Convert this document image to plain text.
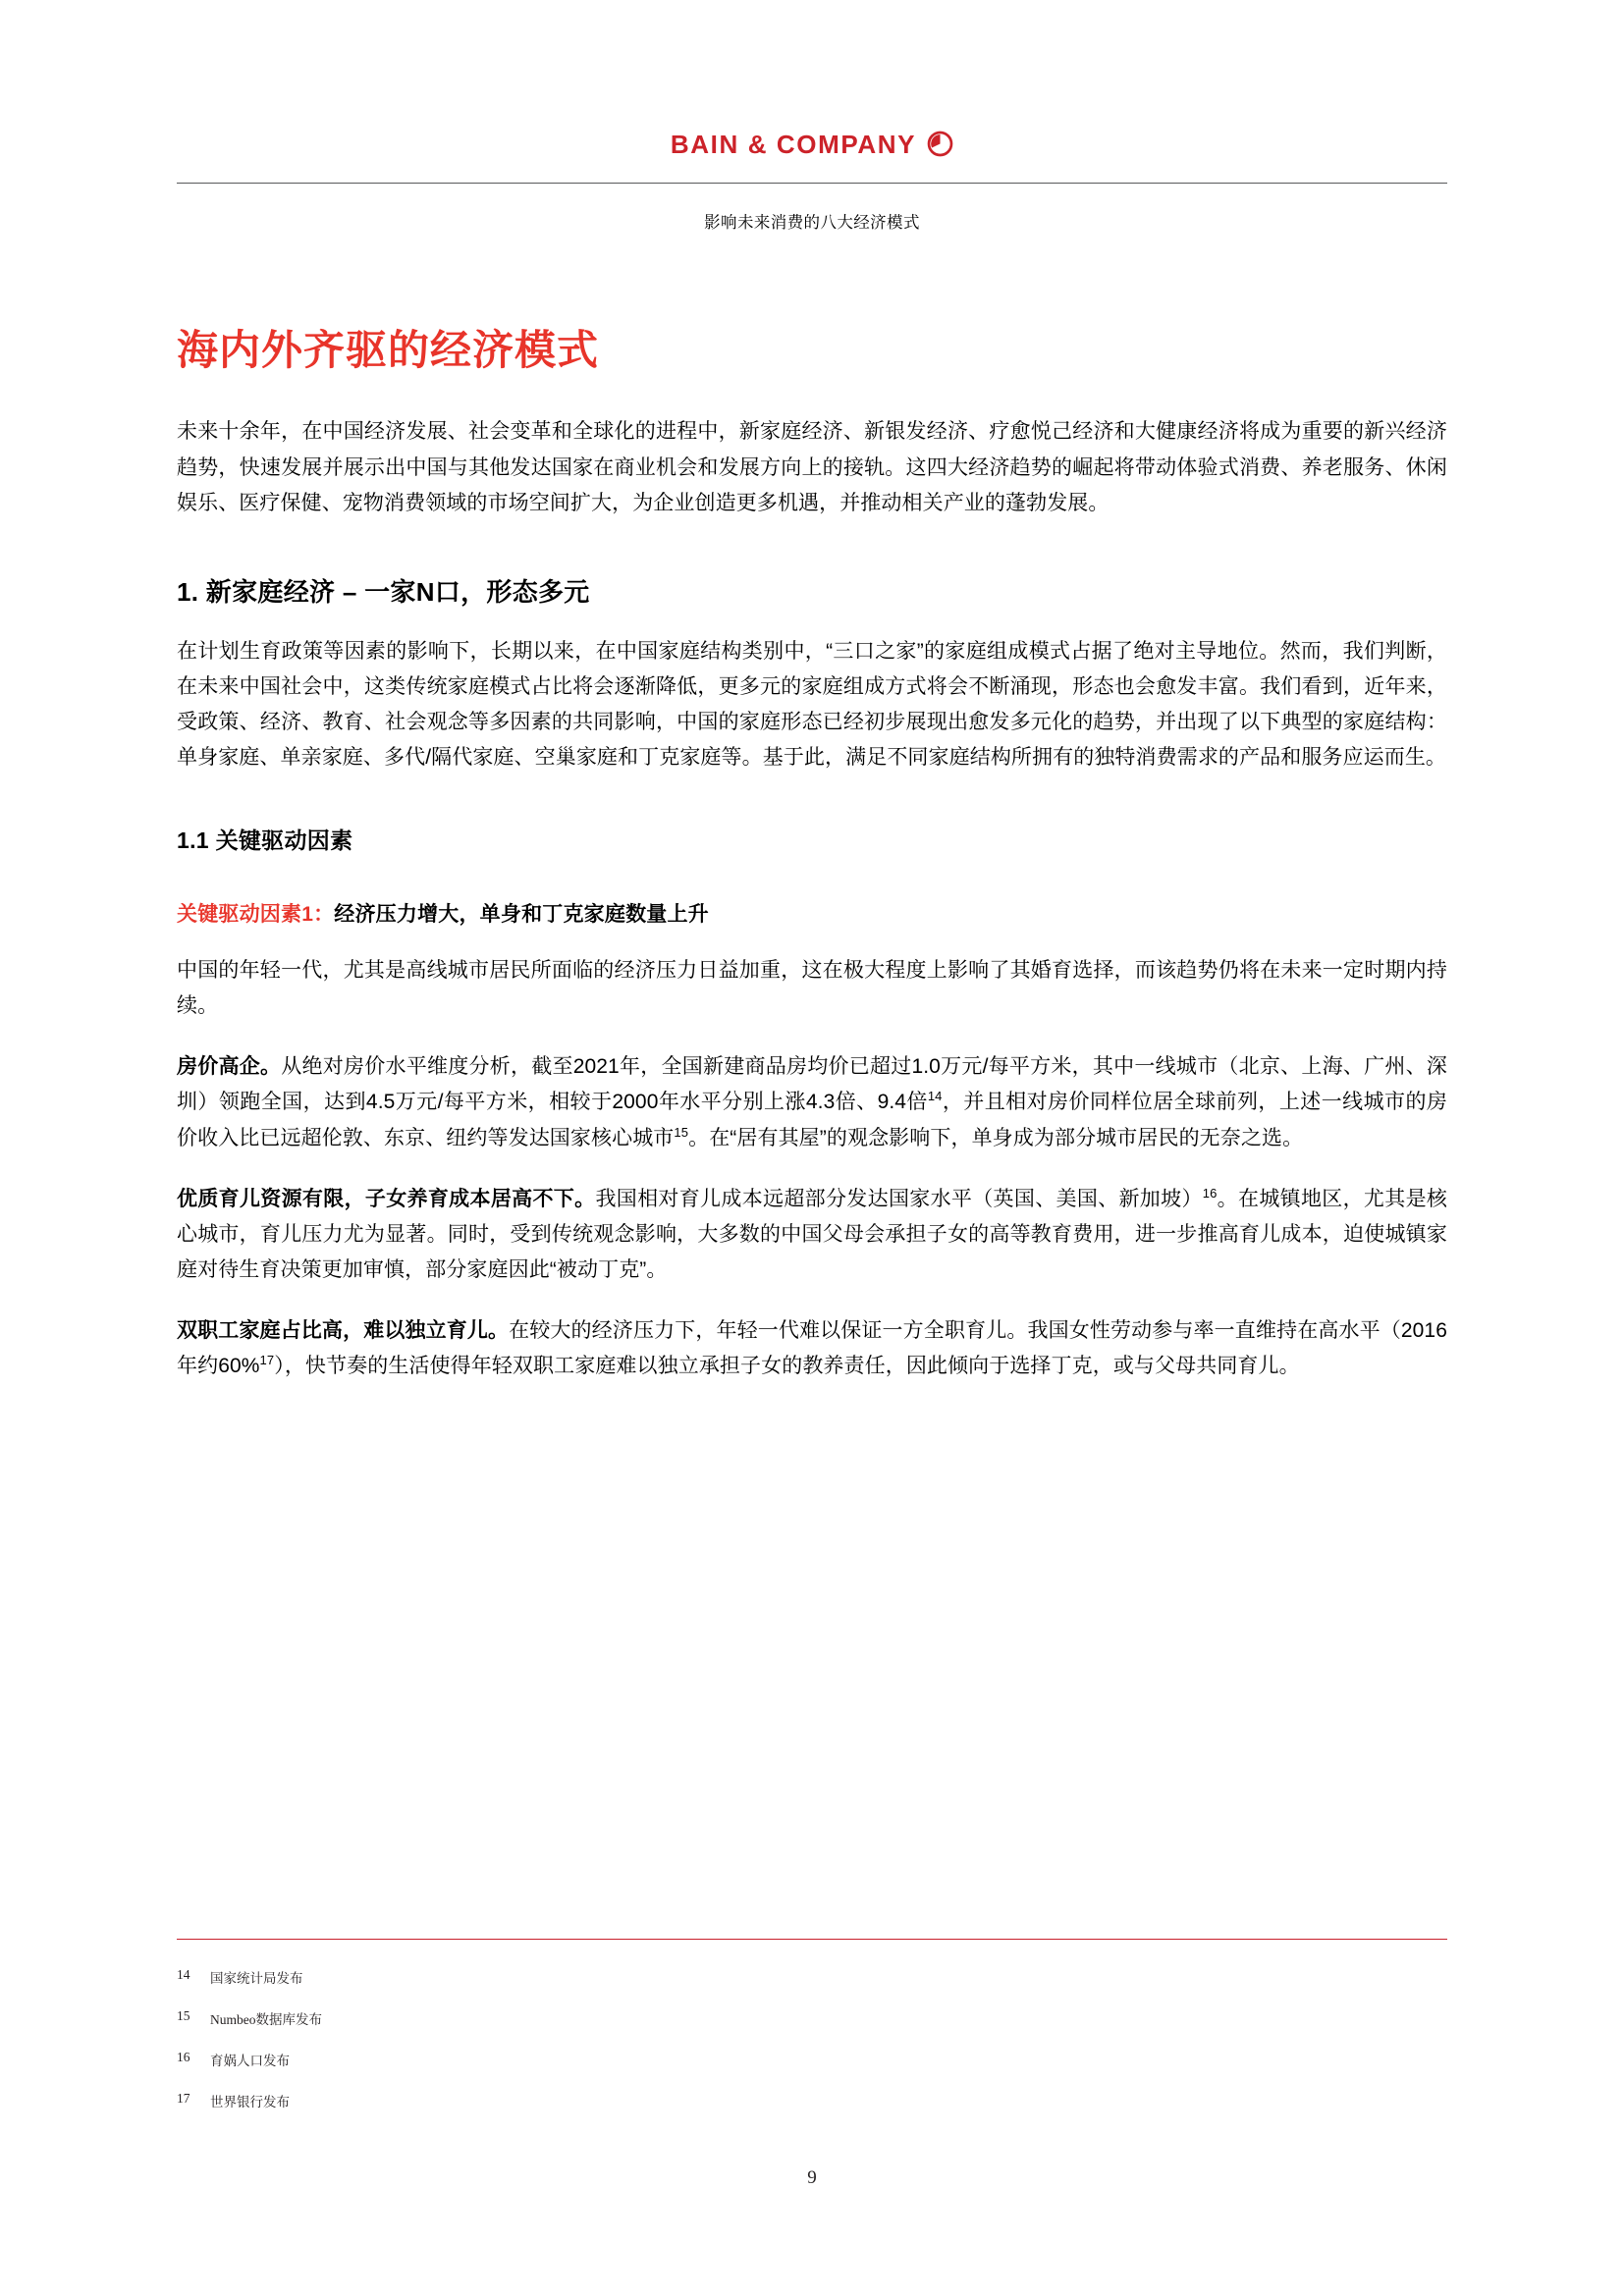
BAIN & COMPANY
影响未来消费的八大经济模式
海内外齐驱的经济模式

未来十余年，在中国经济发展、社会变革和全球化的进程中，新家庭经济、新银发经济、疗愈悦己经济和大健康经济将成为重要的新兴经济趋势，快速发展并展示出中国与其他发达国家在商业机会和发展方向上的接轨。这四大经济趋势的崛起将带动体验式消费、养老服务、休闲娱乐、医疗保健、宠物消费领域的市场空间扩大，为企业创造更多机遇，并推动相关产业的蓬勃发展。

1. 新家庭经济 – 一家N口，形态多元

在计划生育政策等因素的影响下，长期以来，在中国家庭结构类别中，“三口之家”的家庭组成模式占据了绝对主导地位。然而，我们判断，在未来中国社会中，这类传统家庭模式占比将会逐渐降低，更多元的家庭组成方式将会不断涌现，形态也会愈发丰富。我们看到，近年来，受政策、经济、教育、社会观念等多因素的共同影响，中国的家庭形态已经初步展现出愈发多元化的趋势，并出现了以下典型的家庭结构：单身家庭、单亲家庭、多代/隔代家庭、空巢家庭和丁克家庭等。基于此，满足不同家庭结构所拥有的独特消费需求的产品和服务应运而生。

1.1 关键驱动因素

关键驱动因素1：经济压力增大，单身和丁克家庭数量上升

中国的年轻一代，尤其是高线城市居民所面临的经济压力日益加重，这在极大程度上影响了其婚育选择，而该趋势仍将在未来一定时期内持续。

房价高企。从绝对房价水平维度分析，截至2021年，全国新建商品房均价已超过1.0万元/每平方米，其中一线城市（北京、上海、广州、深圳）领跑全国，达到4.5万元/每平方米，相较于2000年水平分别上涨4.3倍、9.4倍$^{14}$，并且相对房价同样位居全球前列，上述一线城市的房价收入比已远超伦敦、东京、纽约等发达国家核心城市$^{15}$。在“居有其屋”的观念影响下，单身成为部分城市居民的无奈之选。

优质育儿资源有限，子女养育成本居高不下。我国相对育儿成本远超部分发达国家水平（英国、美国、新加坡）$^{16}$。在城镇地区，尤其是核心城市，育儿压力尤为显著。同时，受到传统观念影响，大多数的中国父母会承担子女的高等教育费用，进一步推高育儿成本，迫使城镇家庭对待生育决策更加审慎，部分家庭因此“被动丁克”。

双职工家庭占比高，难以独立育儿。在较大的经济压力下，年轻一代难以保证一方全职育儿。我国女性劳动参与率一直维持在高水平（2016年约60%$^{17}$），快节奏的生活使得年轻双职工家庭难以独立承担子女的教养责任，因此倾向于选择丁克，或与父母共同育儿。

14	国家统计局发布
15	Numbeo数据库发布
16	育娲人口发布
17	世界银行发布
9
